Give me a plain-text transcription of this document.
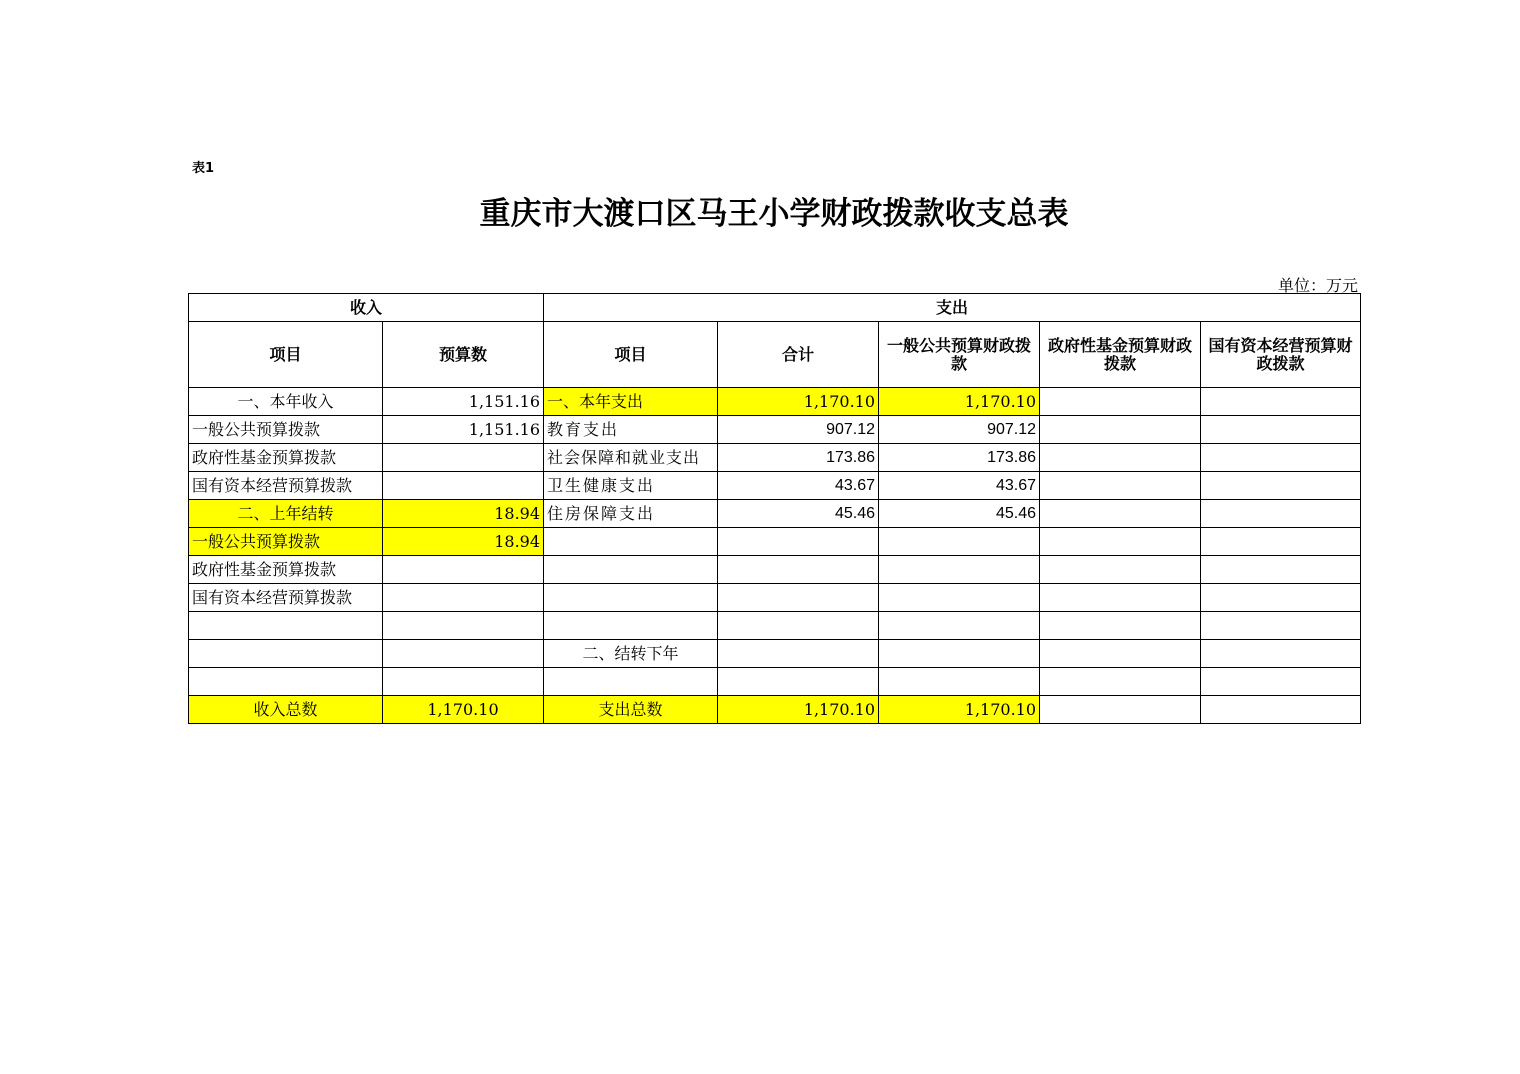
表1
重庆市大渡口区马王小学财政拨款收支总表
单位：万元
收入		支出				
项目	预算数	项目	合计	一般公共预算财政拨款	政府性基金预算财政拨款	国有资本经营预算财政拨款
一、本年收入	1,151.16	一、本年支出	1,170.10	1,170.10		
一般公共预算拨款	1,151.16	教育支出	907.12	907.12		
政府性基金预算拨款		社会保障和就业支出	173.86	173.86		
国有资本经营预算拨款		卫生健康支出	43.67	43.67		
二、上年结转	18.94	住房保障支出	45.46	45.46		
一般公共预算拨款	18.94					
政府性基金预算拨款						
国有资本经营预算拨款						

		二、结转下年				

收入总数	1,170.10	支出总数	1,170.10	1,170.10		
